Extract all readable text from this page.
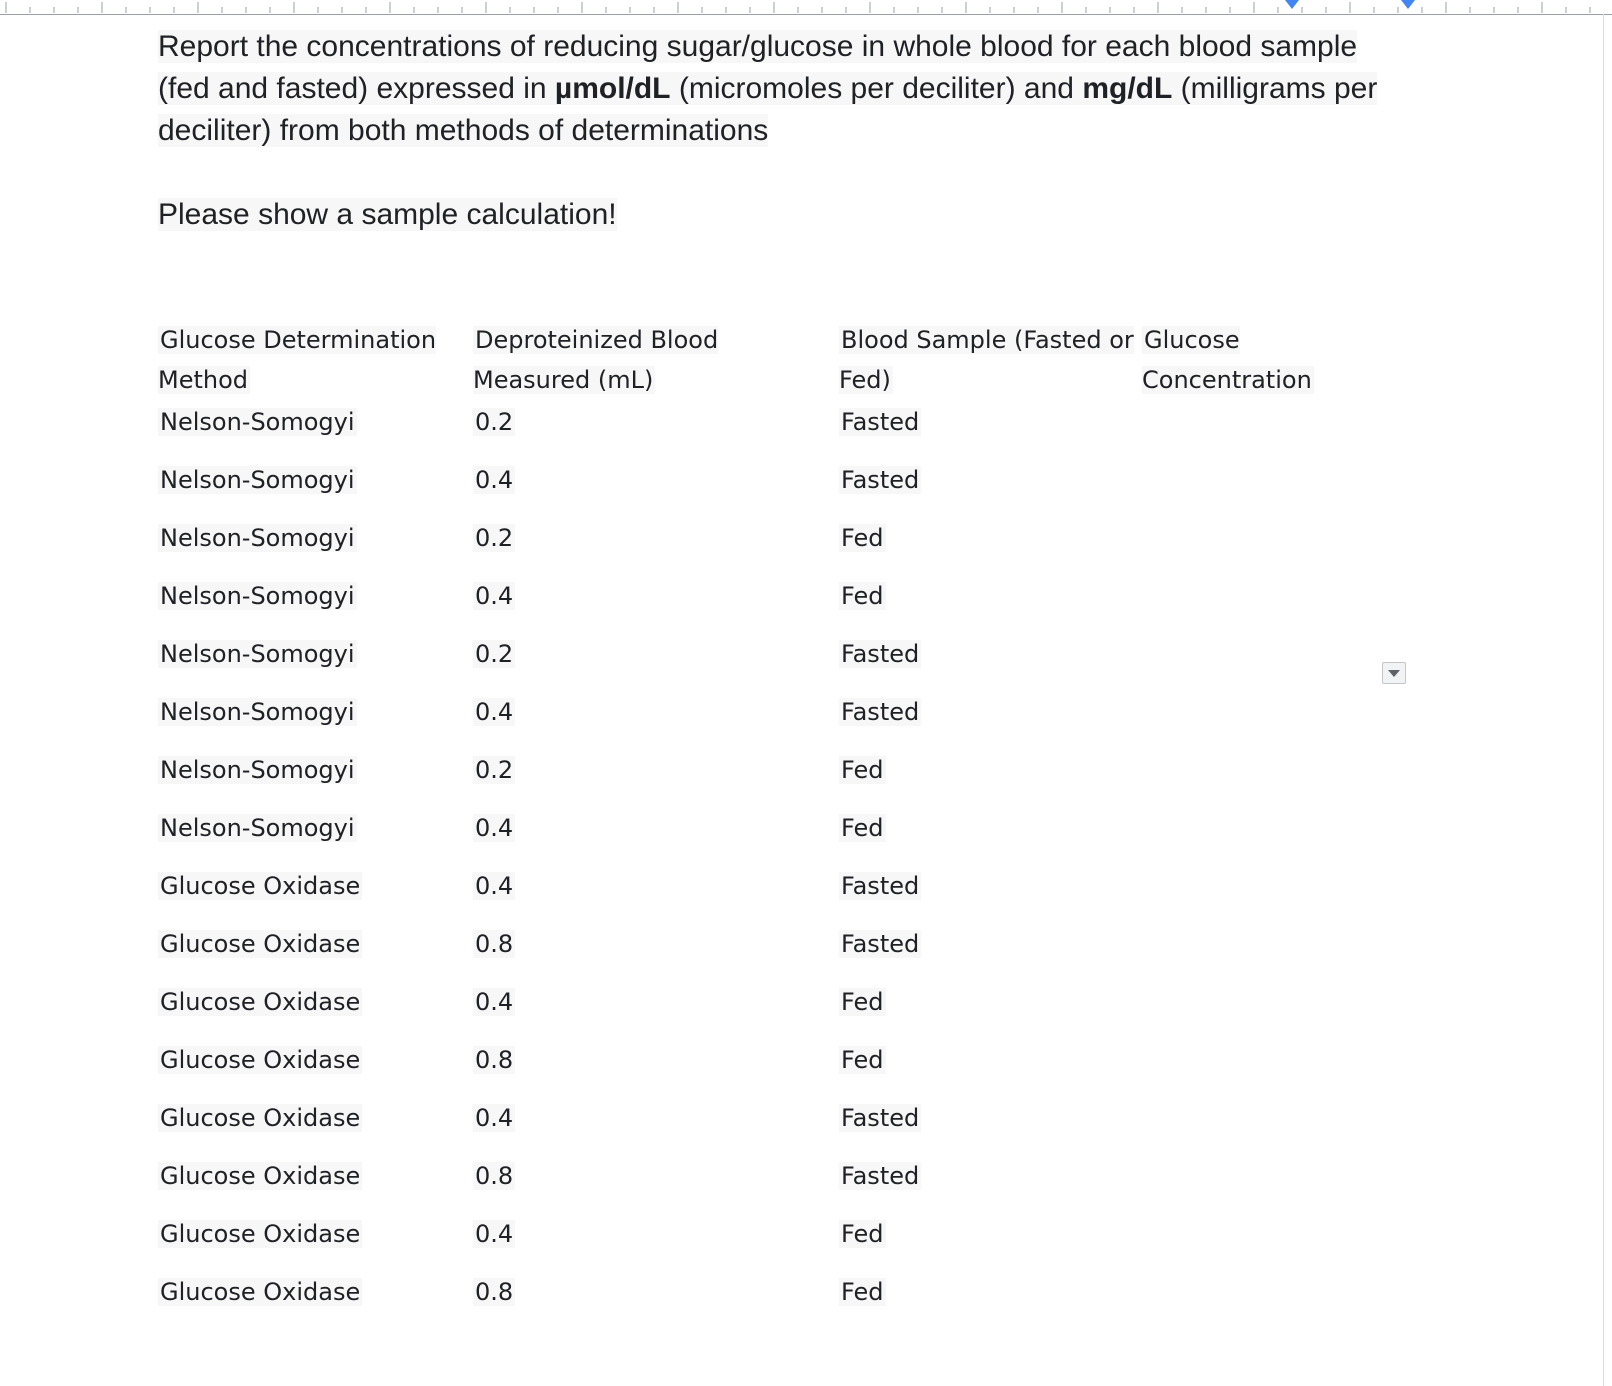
Report the concentrations of reducing sugar/glucose in whole blood for each blood sample (fed and fasted) expressed in µmol/dL (micromoles per deciliter) and mg/dL (milligrams per deciliter) from both methods of determinations
Please show a sample calculation!
Glucose Determination Method	Deproteinized Blood Measured (mL)	Blood Sample (Fasted or Fed)	Glucose Concentration
Nelson-Somogyi	0.2	Fasted	
Nelson-Somogyi	0.4	Fasted	
Nelson-Somogyi	0.2	Fed	
Nelson-Somogyi	0.4	Fed	
Nelson-Somogyi	0.2	Fasted	
Nelson-Somogyi	0.4	Fasted	
Nelson-Somogyi	0.2	Fed	
Nelson-Somogyi	0.4	Fed	
Glucose Oxidase	0.4	Fasted	
Glucose Oxidase	0.8	Fasted	
Glucose Oxidase	0.4	Fed	
Glucose Oxidase	0.8	Fed	
Glucose Oxidase	0.4	Fasted	
Glucose Oxidase	0.8	Fasted	
Glucose Oxidase	0.4	Fed	
Glucose Oxidase	0.8	Fed	
